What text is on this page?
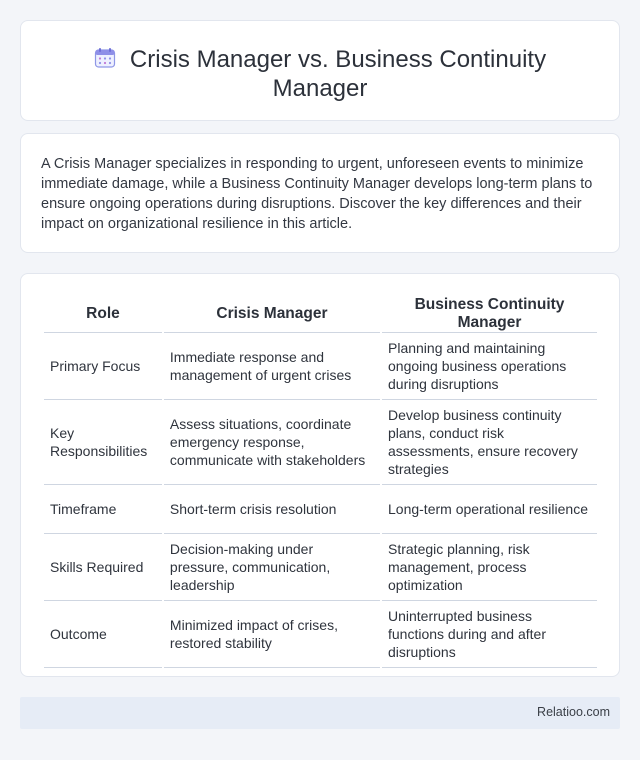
Crisis Manager vs. Business Continuity Manager

A Crisis Manager specializes in responding to urgent, unforeseen events to minimize immediate damage, while a Business Continuity Manager develops long-term plans to ensure ongoing operations during disruptions. Discover the key differences and their impact on organizational resilience in this article.

Role	Crisis Manager	Business Continuity Manager
Primary Focus	Immediate response and management of urgent crises	Planning and maintaining ongoing business operations during disruptions
Key Responsibilities	Assess situations, coordinate emergency response, communicate with stakeholders	Develop business continuity plans, conduct risk assessments, ensure recovery strategies
Timeframe	Short-term crisis resolution	Long-term operational resilience
Skills Required	Decision-making under pressure, communication, leadership	Strategic planning, risk management, process optimization
Outcome	Minimized impact of crises, restored stability	Uninterrupted business functions during and after disruptions
Relatioo.com
